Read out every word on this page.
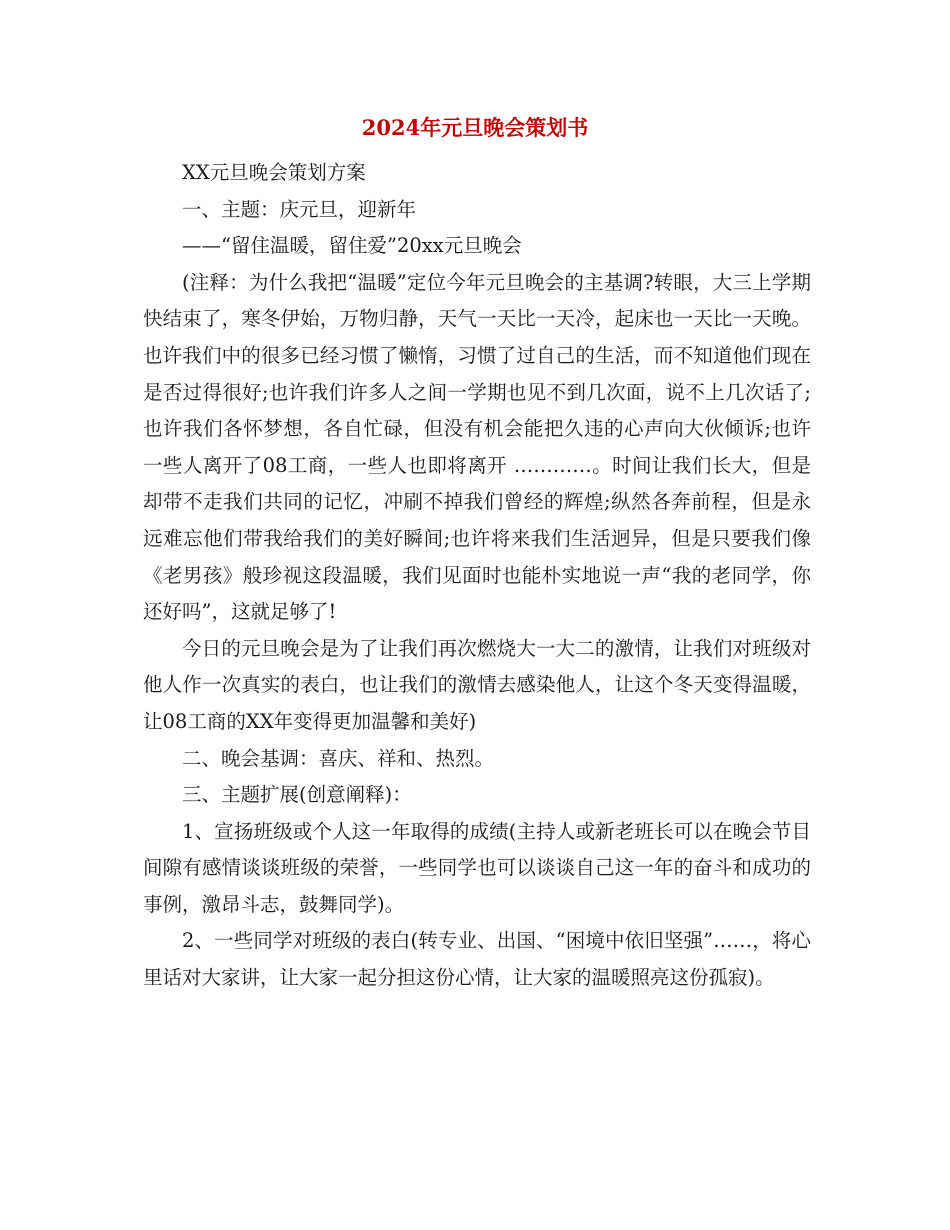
2024年元旦晚会策划书

XX元旦晚会策划方案

一、主题：庆元旦，迎新年

——“留住温暖，留住爱”20xx元旦晚会

(注释：为什么我把“温暖”定位今年元旦晚会的主基调?转眼，大三上学期快结束了，寒冬伊始，万物归静，天气一天比一天冷，起床也一天比一天晚。也许我们中的很多已经习惯了懒惰，习惯了过自己的生活，而不知道他们现在是否过得很好;也许我们许多人之间一学期也见不到几次面，说不上几次话了;也许我们各怀梦想，各自忙碌，但没有机会能把久违的心声向大伙倾诉;也许一些人离开了08工商，一些人也即将离开 …………。时间让我们长大，但是却带不走我们共同的记忆，冲刷不掉我们曾经的辉煌;纵然各奔前程，但是永远难忘他们带我给我们的美好瞬间;也许将来我们生活迥异，但是只要我们像《老男孩》般珍视这段温暖，我们见面时也能朴实地说一声“我的老同学，你还好吗”，这就足够了!

今日的元旦晚会是为了让我们再次燃烧大一大二的激情，让我们对班级对他人作一次真实的表白，也让我们的激情去感染他人，让这个冬天变得温暖，让08工商的XX年变得更加温馨和美好)

二、晚会基调：喜庆、祥和、热烈。

三、主题扩展(创意阐释)：

1、宣扬班级或个人这一年取得的成绩(主持人或新老班长可以在晚会节目间隙有感情谈谈班级的荣誉，一些同学也可以谈谈自己这一年的奋斗和成功的事例，激昂斗志，鼓舞同学)。

2、一些同学对班级的表白(转专业、出国、“困境中依旧坚强”……，将心里话对大家讲，让大家一起分担这份心情，让大家的温暖照亮这份孤寂)。
